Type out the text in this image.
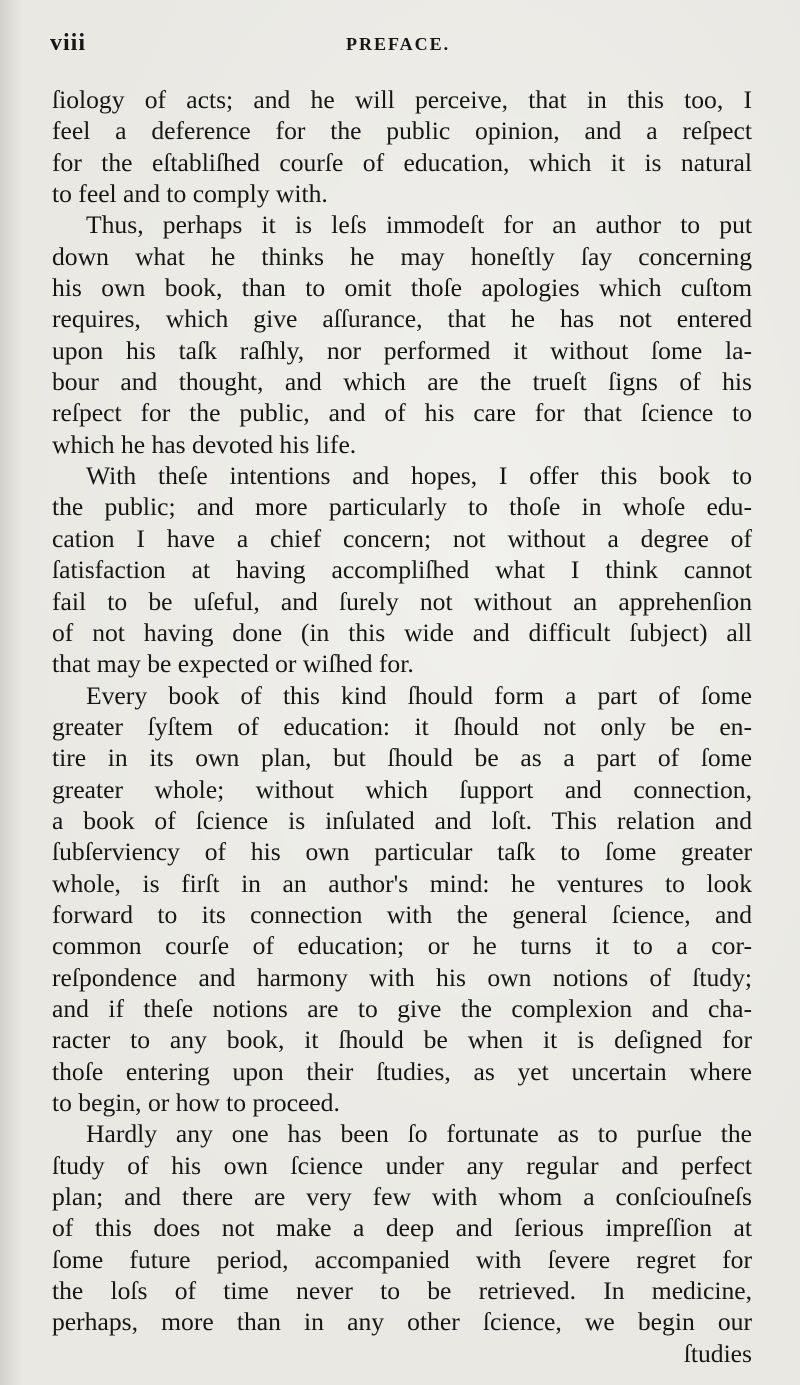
viii	PREFACE.
ſiology of acts; and he will perceive, that in this too, I
feel a deference for the public opinion, and a reſpect
for the eſtabliſhed courſe of education, which it is natural
to feel and to comply with.
Thus, perhaps it is leſs immodeſt for an author to put
down what he thinks he may honeſtly ſay concerning
his own book, than to omit thoſe apologies which cuſtom
requires, which give aſſurance, that he has not entered
upon his taſk raſhly, nor performed it without ſome la-
bour and thought, and which are the trueſt ſigns of his
reſpect for the public, and of his care for that ſcience to
which he has devoted his life.
With theſe intentions and hopes, I offer this book to
the public; and more particularly to thoſe in whoſe edu-
cation I have a chief concern; not without a degree of
ſatisfaction at having accompliſhed what I think cannot
fail to be uſeful, and ſurely not without an apprehenſion
of not having done (in this wide and difficult ſubject) all
that may be expected or wiſhed for.
Every book of this kind ſhould form a part of ſome
greater ſyſtem of education: it ſhould not only be en-
tire in its own plan, but ſhould be as a part of ſome
greater whole; without which ſupport and connection,
a book of ſcience is inſulated and loſt. This relation and
ſubſerviency of his own particular taſk to ſome greater
whole, is firſt in an author's mind: he ventures to look
forward to its connection with the general ſcience, and
common courſe of education; or he turns it to a cor-
reſpondence and harmony with his own notions of ſtudy;
and if theſe notions are to give the complexion and cha-
racter to any book, it ſhould be when it is deſigned for
thoſe entering upon their ſtudies, as yet uncertain where
to begin, or how to proceed.
Hardly any one has been ſo fortunate as to purſue the
ſtudy of his own ſcience under any regular and perfect
plan; and there are very few with whom a conſciouſneſs
of this does not make a deep and ſerious impreſſion at
ſome future period, accompanied with ſevere regret for
the loſs of time never to be retrieved. In medicine,
perhaps, more than in any other ſcience, we begin our
ſtudies
